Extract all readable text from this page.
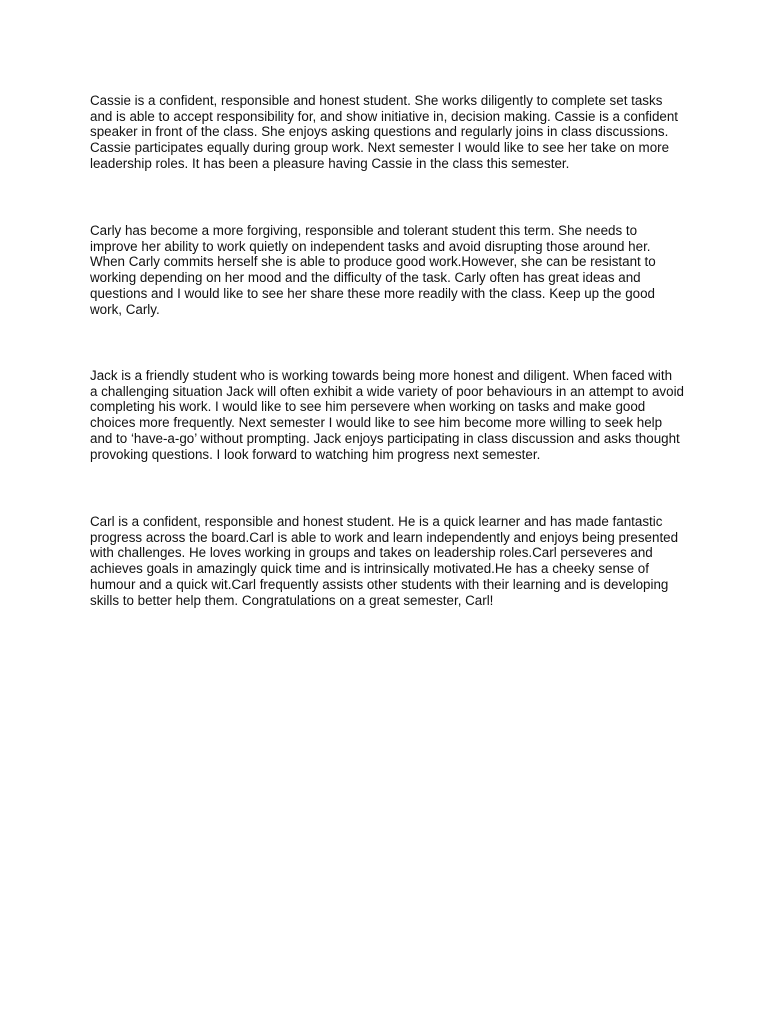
Cassie is a confident, responsible and honest student. She works diligently to complete set tasks
and is able to accept responsibility for, and show initiative in, decision making. Cassie is a confident
speaker in front of the class. She enjoys asking questions and regularly joins in class discussions.
Cassie participates equally during group work. Next semester I would like to see her take on more
leadership roles. It has been a pleasure having Cassie in the class this semester.

Carly has become a more forgiving, responsible and tolerant student this term. She needs to
improve her ability to work quietly on independent tasks and avoid disrupting those around her.
When Carly commits herself she is able to produce good work.However, she can be resistant to
working depending on her mood and the difficulty of the task. Carly often has great ideas and
questions and I would like to see her share these more readily with the class. Keep up the good
work, Carly.

Jack is a friendly student who is working towards being more honest and diligent. When faced with
a challenging situation Jack will often exhibit a wide variety of poor behaviours in an attempt to avoid
completing his work. I would like to see him persevere when working on tasks and make good
choices more frequently. Next semester I would like to see him become more willing to seek help
and to ‘have-a-go’ without prompting. Jack enjoys participating in class discussion and asks thought
provoking questions. I look forward to watching him progress next semester.

Carl is a confident, responsible and honest student. He is a quick learner and has made fantastic
progress across the board.Carl is able to work and learn independently and enjoys being presented
with challenges. He loves working in groups and takes on leadership roles.Carl perseveres and
achieves goals in amazingly quick time and is intrinsically motivated.He has a cheeky sense of
humour and a quick wit.Carl frequently assists other students with their learning and is developing
skills to better help them. Congratulations on a great semester, Carl!
